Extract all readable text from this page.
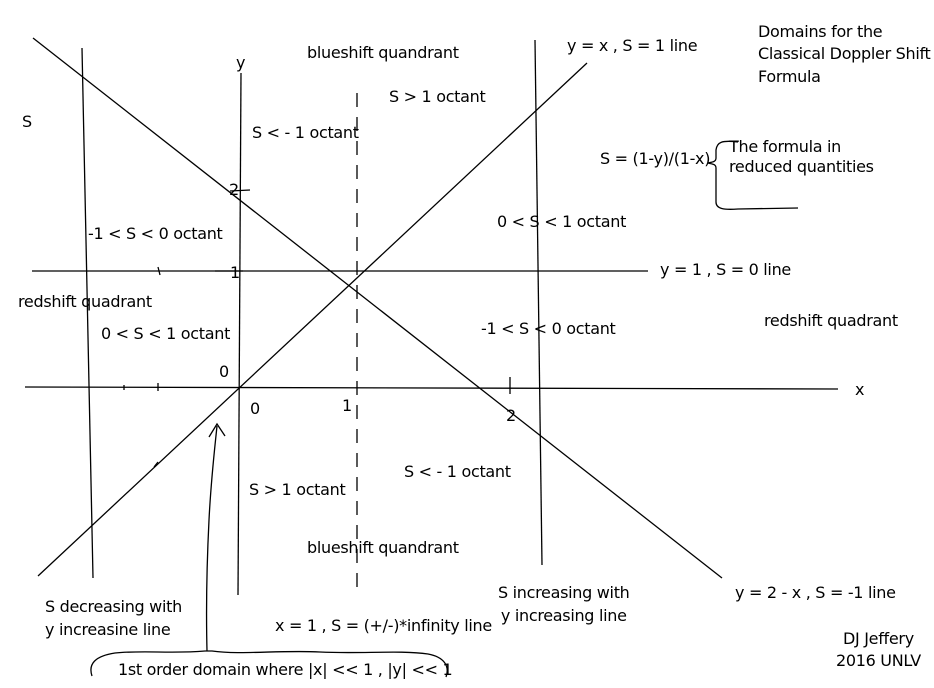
y
x
S
2
1
0
0	1
2
Domains for the
Classical Doppler Shift
Formula
y = x , S = 1 line
y = 1 , S = 0 line
y = 2 - x , S = -1 line
x = 1 , S = (+/-)*infinity line
S = (1-y)/(1-x)
The formula in
reduced quantities
blueshift quandrant
blueshift quandrant
redshift quadrant
redshift quadrant
S > 1 octant
S < - 1 octant
-1 < S < 0 octant
0 < S < 1 octant
0 < S < 1 octant
-1 < S < 0 octant
S > 1 octant
S < - 1 octant
S decreasing with
y increasine line
S increasing with
y increasing line
1st order domain where |x| << 1 , |y| << 1
DJ Jeffery
2016 UNLV
